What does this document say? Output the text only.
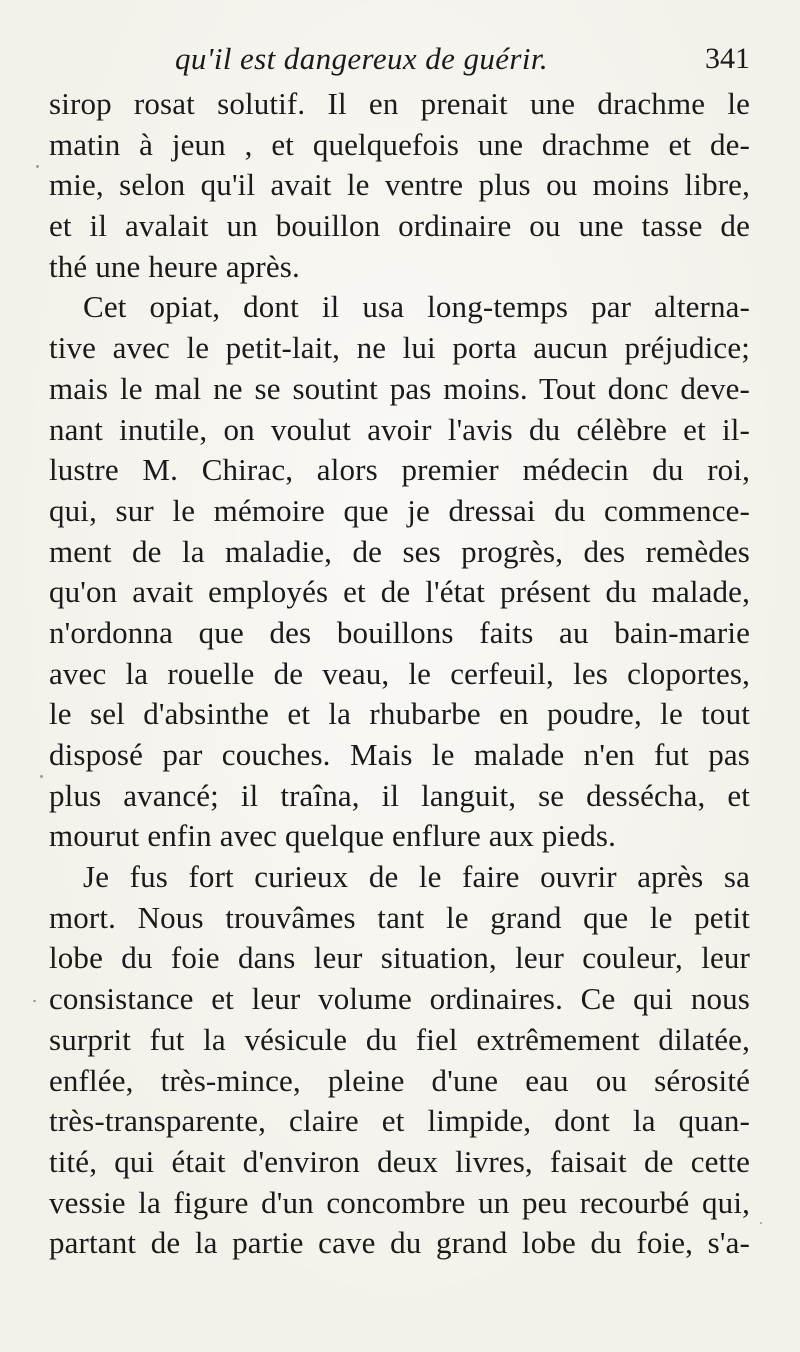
qu'il est dangereux de guérir.	341
sirop rosat solutif. Il en prenait une drachme le
matin à jeun , et quelquefois une drachme et de-
mie, selon qu'il avait le ventre plus ou moins libre,
et il avalait un bouillon ordinaire ou une tasse de
thé une heure après.
Cet opiat, dont il usa long-temps par alterna-
tive avec le petit-lait, ne lui porta aucun préjudice;
mais le mal ne se soutint pas moins. Tout donc deve-
nant inutile, on voulut avoir l'avis du célèbre et il-
lustre M. Chirac, alors premier médecin du roi,
qui, sur le mémoire que je dressai du commence-
ment de la maladie, de ses progrès, des remèdes
qu'on avait employés et de l'état présent du malade,
n'ordonna que des bouillons faits au bain-marie
avec la rouelle de veau, le cerfeuil, les cloportes,
le sel d'absinthe et la rhubarbe en poudre, le tout
disposé par couches. Mais le malade n'en fut pas
plus avancé; il traîna, il languit, se dessécha, et
mourut enfin avec quelque enflure aux pieds.
Je fus fort curieux de le faire ouvrir après sa
mort. Nous trouvâmes tant le grand que le petit
lobe du foie dans leur situation, leur couleur, leur
consistance et leur volume ordinaires. Ce qui nous
surprit fut la vésicule du fiel extrêmement dilatée,
enflée, très-mince, pleine d'une eau ou sérosité
très-transparente, claire et limpide, dont la quan-
tité, qui était d'environ deux livres, faisait de cette
vessie la figure d'un concombre un peu recourbé qui,
partant de la partie cave du grand lobe du foie, s'a-
